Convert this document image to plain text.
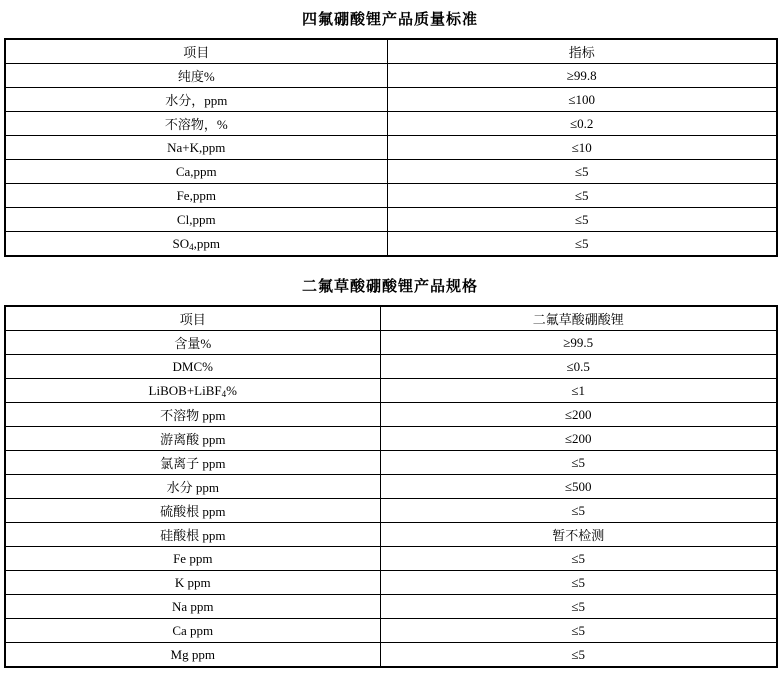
四氟硼酸锂产品质量标准
项目	指标
纯度%	≥99.8
水分，ppm	≤100
不溶物，%	≤0.2
Na+K,ppm	≤10
Ca,ppm	≤5
Fe,ppm	≤5
Cl,ppm	≤5
$SO_4,ppm$	≤5
二氟草酸硼酸锂产品规格
项目	二氟草酸硼酸锂
含量%	≥99.5
DMC%	≤0.5
LiBOB+LiBF$_4$%	≤1
不溶物 ppm	≤200
游离酸 ppm	≤200
氯离子 ppm	≤5
水分 ppm	≤500
硫酸根 ppm	≤5
硅酸根 ppm	暂不检测
Fe ppm	≤5
K ppm	≤5
Na ppm	≤5
Ca ppm	≤5
Mg ppm	≤5
